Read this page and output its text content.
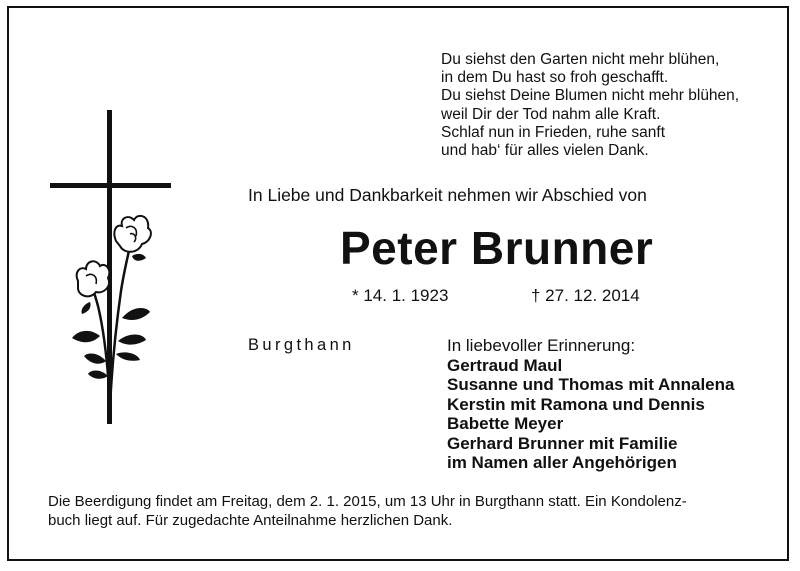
Du siehst den Garten nicht mehr blühen,
in dem Du hast so froh geschafft.
Du siehst Deine Blumen nicht mehr blühen,
weil Dir der Tod nahm alle Kraft.
Schlaf nun in Frieden, ruhe sanft
und hab‘ für alles vielen Dank.
In Liebe und Dankbarkeit nehmen wir Abschied von
Peter Brunner
* 14. 1. 1923	† 27. 12. 2014
Burgthann	In liebevoller Erinnerung:
Gertraud Maul
Susanne und Thomas mit Annalena
Kerstin mit Ramona und Dennis
Babette Meyer
Gerhard Brunner mit Familie
im Namen aller Angehörigen
Die Beerdigung findet am Freitag, dem 2. 1. 2015, um 13 Uhr in Burgthann statt. Ein Kondolenz-
buch liegt auf. Für zugedachte Anteilnahme herzlichen Dank.
